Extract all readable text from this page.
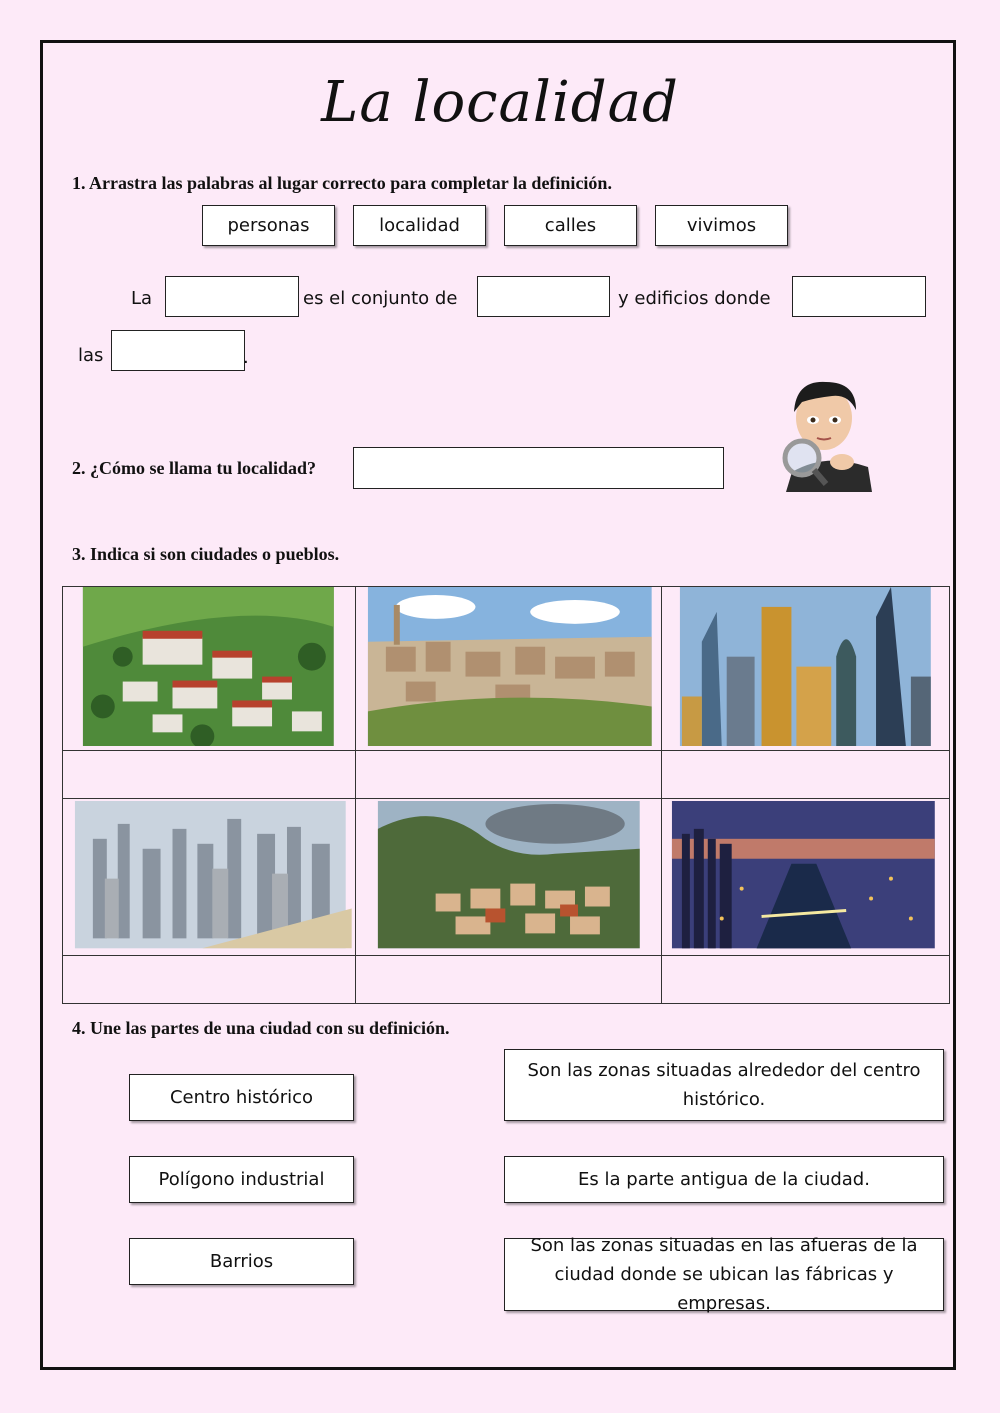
La localidad
1. Arrastra las palabras al lugar correcto para completar la definición.
personas	localidad	calles	vivimos
La	es el conjunto de	y edificios donde
las	.
2. ¿Cómo se llama tu localidad?
3. Indica si son ciudades o pueblos.

4. Une las partes de una ciudad con su definición.
Centro histórico
Polígono industrial
Barrios
Son las zonas situadas alrededor del centro histórico.
Es la parte antigua de la ciudad.
Son las zonas situadas en las afueras de la ciudad donde se ubican las fábricas y empresas.
